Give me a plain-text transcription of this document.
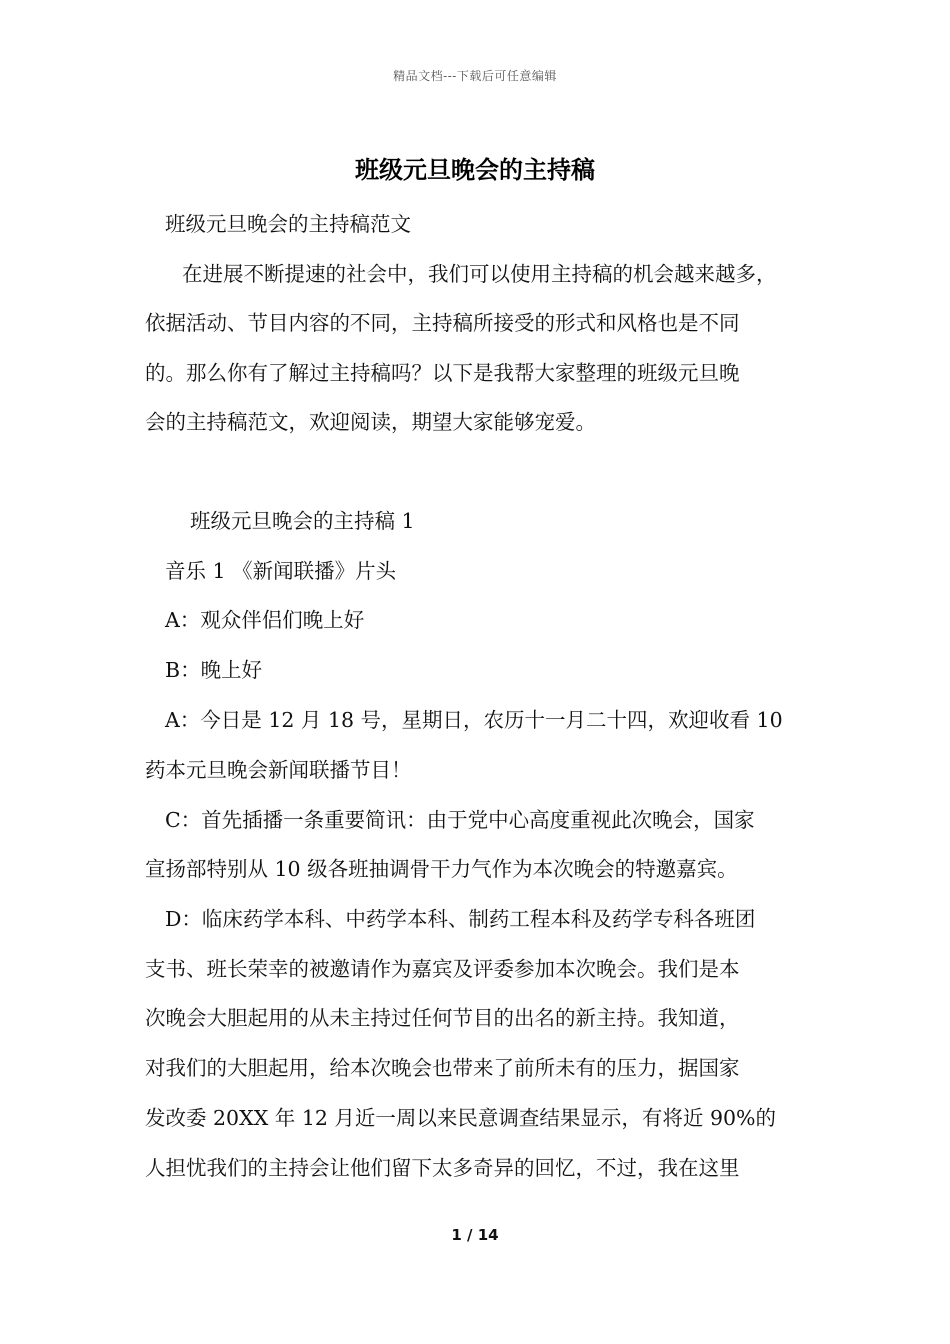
精品文档---下载后可任意编辑
班级元旦晚会的主持稿
班级元旦晚会的主持稿范文
在进展不断提速的社会中，我们可以使用主持稿的机会越来越多，
依据活动、节目内容的不同，主持稿所接受的形式和风格也是不同
的。那么你有了解过主持稿吗？以下是我帮大家整理的班级元旦晚
会的主持稿范文，欢迎阅读，期望大家能够宠爱。
班级元旦晚会的主持稿 1
音乐 1 《新闻联播》片头
A：观众伴侣们晚上好
B：晚上好
A：今日是 12 月 18 号，星期日，农历十一月二十四，欢迎收看 10
药本元旦晚会新闻联播节目！
C：首先插播一条重要简讯：由于党中心高度重视此次晚会，国家
宣扬部特别从 10 级各班抽调骨干力气作为本次晚会的特邀嘉宾。
D：临床药学本科、中药学本科、制药工程本科及药学专科各班团
支书、班长荣幸的被邀请作为嘉宾及评委参加本次晚会。我们是本
次晚会大胆起用的从未主持过任何节目的出名的新主持。我知道，
对我们的大胆起用，给本次晚会也带来了前所未有的压力，据国家
发改委 20XX 年 12 月近一周以来民意调查结果显示，有将近 90%的
人担忧我们的主持会让他们留下太多奇异的回忆，不过，我在这里
1 / 14
